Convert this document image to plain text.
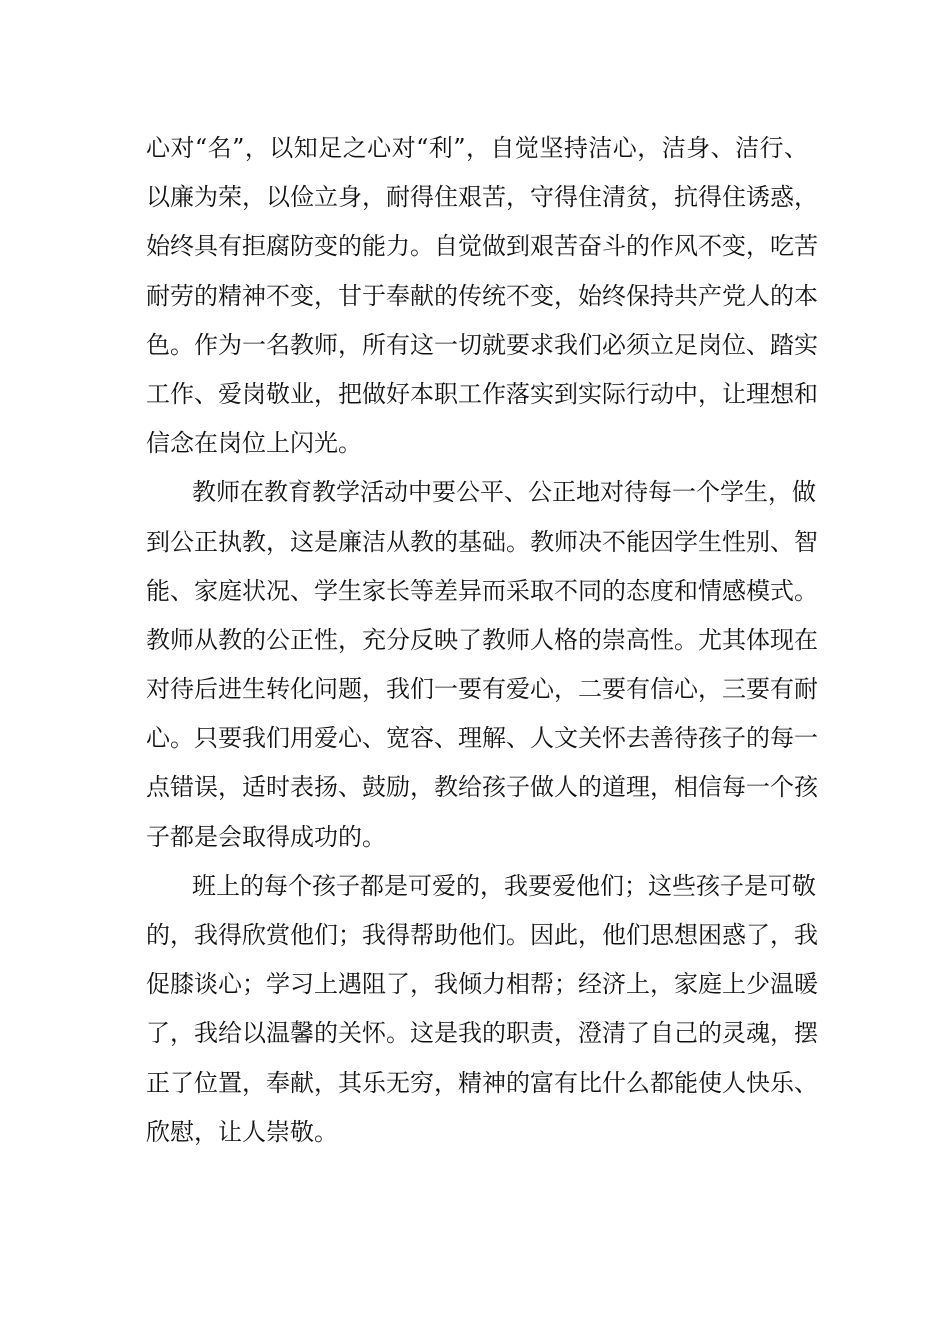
心对“名”，以知足之心对“利”，自觉坚持洁心，洁身、洁行、
以廉为荣，以俭立身，耐得住艰苦，守得住清贫，抗得住诱惑，
始终具有拒腐防变的能力。自觉做到艰苦奋斗的作风不变，吃苦
耐劳的精神不变，甘于奉献的传统不变，始终保持共产党人的本
色。作为一名教师，所有这一切就要求我们必须立足岗位、踏实
工作、爱岗敬业，把做好本职工作落实到实际行动中，让理想和
信念在岗位上闪光。
教师在教育教学活动中要公平、公正地对待每一个学生，做
到公正执教，这是廉洁从教的基础。教师决不能因学生性别、智
能、家庭状况、学生家长等差异而采取不同的态度和情感模式。
教师从教的公正性，充分反映了教师人格的崇高性。尤其体现在
对待后进生转化问题，我们一要有爱心，二要有信心，三要有耐
心。只要我们用爱心、宽容、理解、人文关怀去善待孩子的每一
点错误，适时表扬、鼓励，教给孩子做人的道理，相信每一个孩
子都是会取得成功的。
班上的每个孩子都是可爱的，我要爱他们；这些孩子是可敬
的，我得欣赏他们；我得帮助他们。因此，他们思想困惑了，我
促膝谈心；学习上遇阻了，我倾力相帮；经济上，家庭上少温暖
了，我给以温馨的关怀。这是我的职责，澄清了自己的灵魂，摆
正了位置，奉献，其乐无穷，精神的富有比什么都能使人快乐、
欣慰，让人崇敬。
